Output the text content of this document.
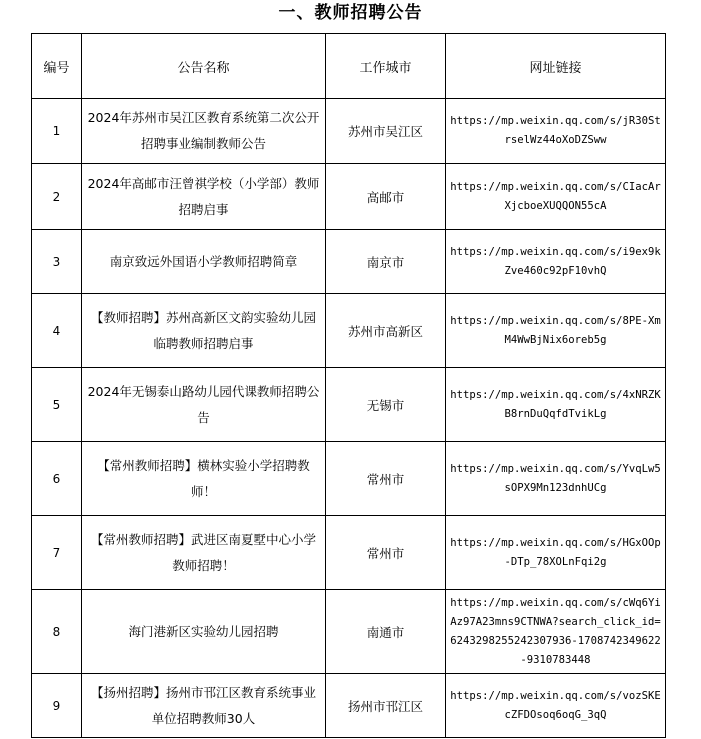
一、教师招聘公告
编号	公告名称	工作城市	网址链接
1	2024年苏州市吴江区教育系统第二次公开招聘事业编制教师公告	苏州市吴江区	https://mp.weixin.qq.com/s/jR30StrselWz44oXoDZSww
2	2024年高邮市汪曾祺学校（小学部）教师招聘启事	高邮市	https://mp.weixin.qq.com/s/CIacArXjcboeXUQQON55cA
3	南京致远外国语小学教师招聘简章	南京市	https://mp.weixin.qq.com/s/i9ex9kZve460c92pF10vhQ
4	【教师招聘】苏州高新区文韵实验幼儿园临聘教师招聘启事	苏州市高新区	https://mp.weixin.qq.com/s/8PE-XmM4WwBjNix6oreb5g
5	2024年无锡泰山路幼儿园代课教师招聘公告	无锡市	https://mp.weixin.qq.com/s/4xNRZKB8rnDuQqfdTvikLg
6	【常州教师招聘】横林实验小学招聘教师！	常州市	https://mp.weixin.qq.com/s/YvqLw5sOPX9Mn123dnhUCg
7	【常州教师招聘】武进区南夏墅中心小学教师招聘！	常州市	https://mp.weixin.qq.com/s/HGxOOp-DTp_78XOLnFqi2g
8	海门港新区实验幼儿园招聘	南通市	https://mp.weixin.qq.com/s/cWq6YiAz97A23mns9CTNWA?search_click_id=6243298255242307936-1708742349622-9310783448
9	【扬州招聘】扬州市邗江区教育系统事业单位招聘教师30人	扬州市邗江区	https://mp.weixin.qq.com/s/vozSKEcZFDOsoq6oqG_3qQ
